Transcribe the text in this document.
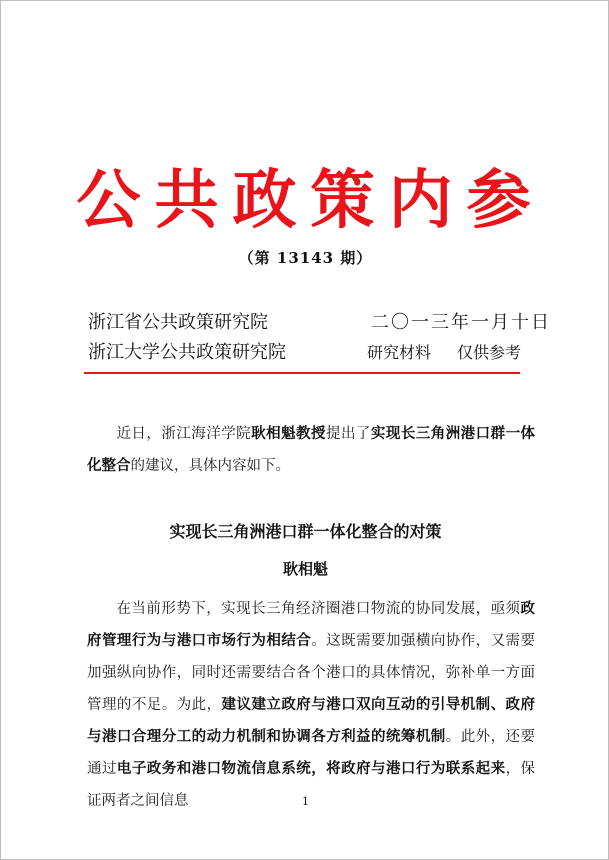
公共政策内参
（第 13143 期）
浙江省公共政策研究院	二〇一三年一月十日
浙江大学公共政策研究院	研究材料 仅供参考
近日，浙江海洋学院耿相魁教授提出了实现长三角洲港口群一体化整合的建议，具体内容如下。
实现长三角洲港口群一体化整合的对策
耿相魁
在当前形势下，实现长三角经济圈港口物流的协同发展，亟须政府管理行为与港口市场行为相结合。这既需要加强横向协作，又需要加强纵向协作，同时还需要结合各个港口的具体情况，弥补单一方面管理的不足。为此，建议建立政府与港口双向互动的引导机制、政府与港口合理分工的动力机制和协调各方利益的统筹机制。此外，还要通过电子政务和港口物流信息系统，将政府与港口行为联系起来，保证两者之间信息	1
